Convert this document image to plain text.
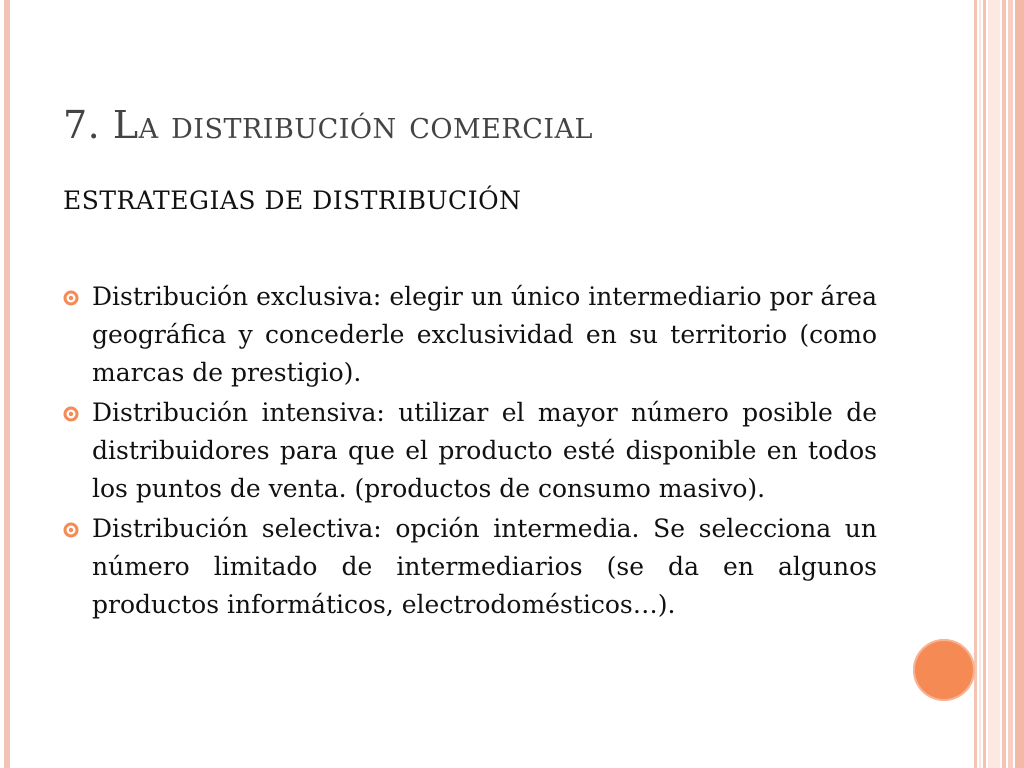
7. La distribución comercial
ESTRATEGIAS DE DISTRIBUCIÓN
Distribución exclusiva: elegir un único intermediario por área geográfica y concederle exclusividad en su territorio (como marcas de prestigio).
Distribución intensiva: utilizar el mayor número posible de distribuidores para que el producto esté disponible en todos los puntos de venta. (productos de consumo masivo).
Distribución selectiva: opción intermedia. Se selecciona un número limitado de intermediarios (se da en algunos productos informáticos, electrodomésticos…).
